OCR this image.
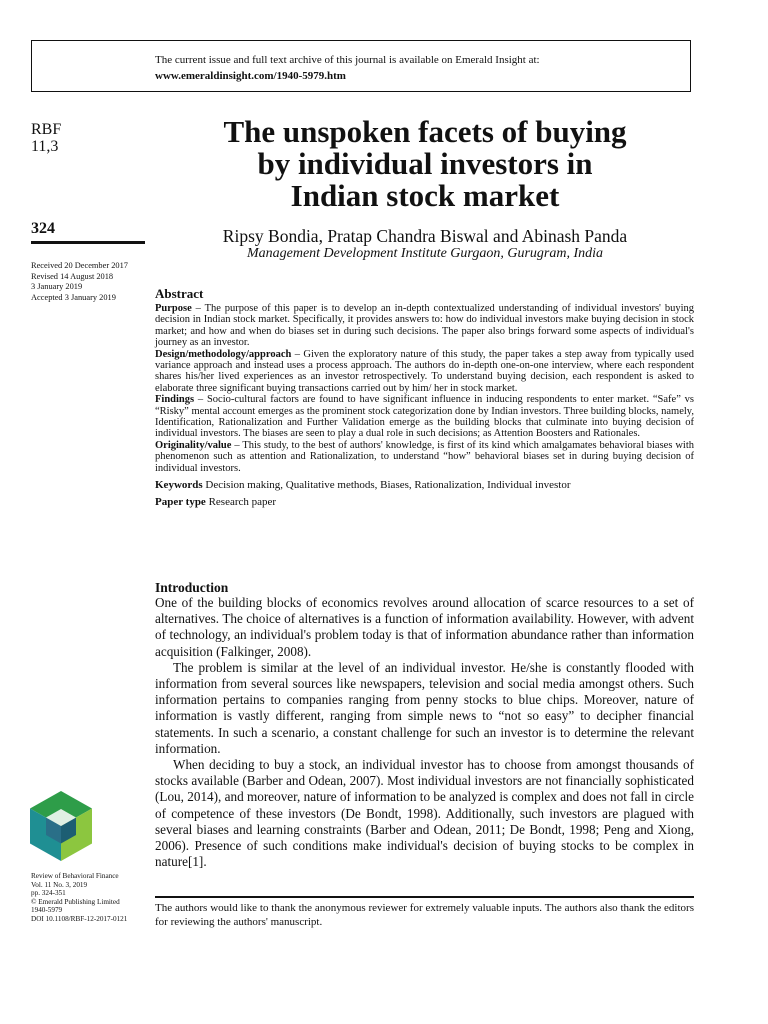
The current issue and full text archive of this journal is available on Emerald Insight at:
www.emeraldinsight.com/1940-5979.htm
RBF
11,3
324
Received 20 December 2017
Revised 14 August 2018
3 January 2019
Accepted 3 January 2019
The unspoken facets of buying
by individual investors in
Indian stock market
Ripsy Bondia, Pratap Chandra Biswal and Abinash Panda
Management Development Institute Gurgaon, Gurugram, India
Abstract

Purpose – The purpose of this paper is to develop an in-depth contextualized understanding of individual investors' buying decision in Indian stock market. Specifically, it provides answers to: how do individual investors make buying decision in stock market; and how and when do biases set in during such decisions. The paper also brings forward some aspects of individual's journey as an investor.

Design/methodology/approach – Given the exploratory nature of this study, the paper takes a step away from typically used variance approach and instead uses a process approach. The authors do in-depth one-on-one interview, where each respondent shares his/her lived experiences as an investor retrospectively. To understand buying decision, each respondent is asked to elaborate three significant buying transactions carried out by him/ her in stock market.

Findings – Socio-cultural factors are found to have significant influence in inducing respondents to enter market. “Safe” vs “Risky” mental account emerges as the prominent stock categorization done by Indian investors. Three building blocks, namely, Identification, Rationalization and Further Validation emerge as the building blocks that culminate into buying decision of individual investors. The biases are seen to play a dual role in such decisions; as Attention Boosters and Rationales.

Originality/value – This study, to the best of authors' knowledge, is first of its kind which amalgamates behavioral biases with phenomenon such as attention and Rationalization, to understand “how” behavioral biases set in during buying decision of individual investors.

Keywords Decision making, Qualitative methods, Biases, Rationalization, Individual investor

Paper type Research paper

Introduction

One of the building blocks of economics revolves around allocation of scarce resources to a set of alternatives. The choice of alternatives is a function of information availability. However, with advent of technology, an individual's problem today is that of information abundance rather than information acquisition (Falkinger, 2008).

The problem is similar at the level of an individual investor. He/she is constantly flooded with information from several sources like newspapers, television and social media amongst others. Such information pertains to companies ranging from penny stocks to blue chips. Moreover, nature of information is vastly different, ranging from simple news to “not so easy” to decipher financial statements. In such a scenario, a constant challenge for such an investor is to determine the relevant information.

When deciding to buy a stock, an individual investor has to choose from amongst thousands of stocks available (Barber and Odean, 2007). Most individual investors are not financially sophisticated (Lou, 2014), and moreover, nature of information to be analyzed is complex and does not fall in circle of competence of these investors (De Bondt, 1998). Additionally, such investors are plagued with several biases and learning constraints (Barber and Odean, 2011; De Bondt, 1998; Peng and Xiong, 2006). Presence of such conditions make individual's decision of buying stocks to be complex in nature[1].

Review of Behavioral Finance
Vol. 11 No. 3, 2019
pp. 324-351
© Emerald Publishing Limited
1940-5979
DOI 10.1108/RBF-12-2017-0121
The authors would like to thank the anonymous reviewer for extremely valuable inputs. The authors also thank the editors for reviewing the authors' manuscript.
